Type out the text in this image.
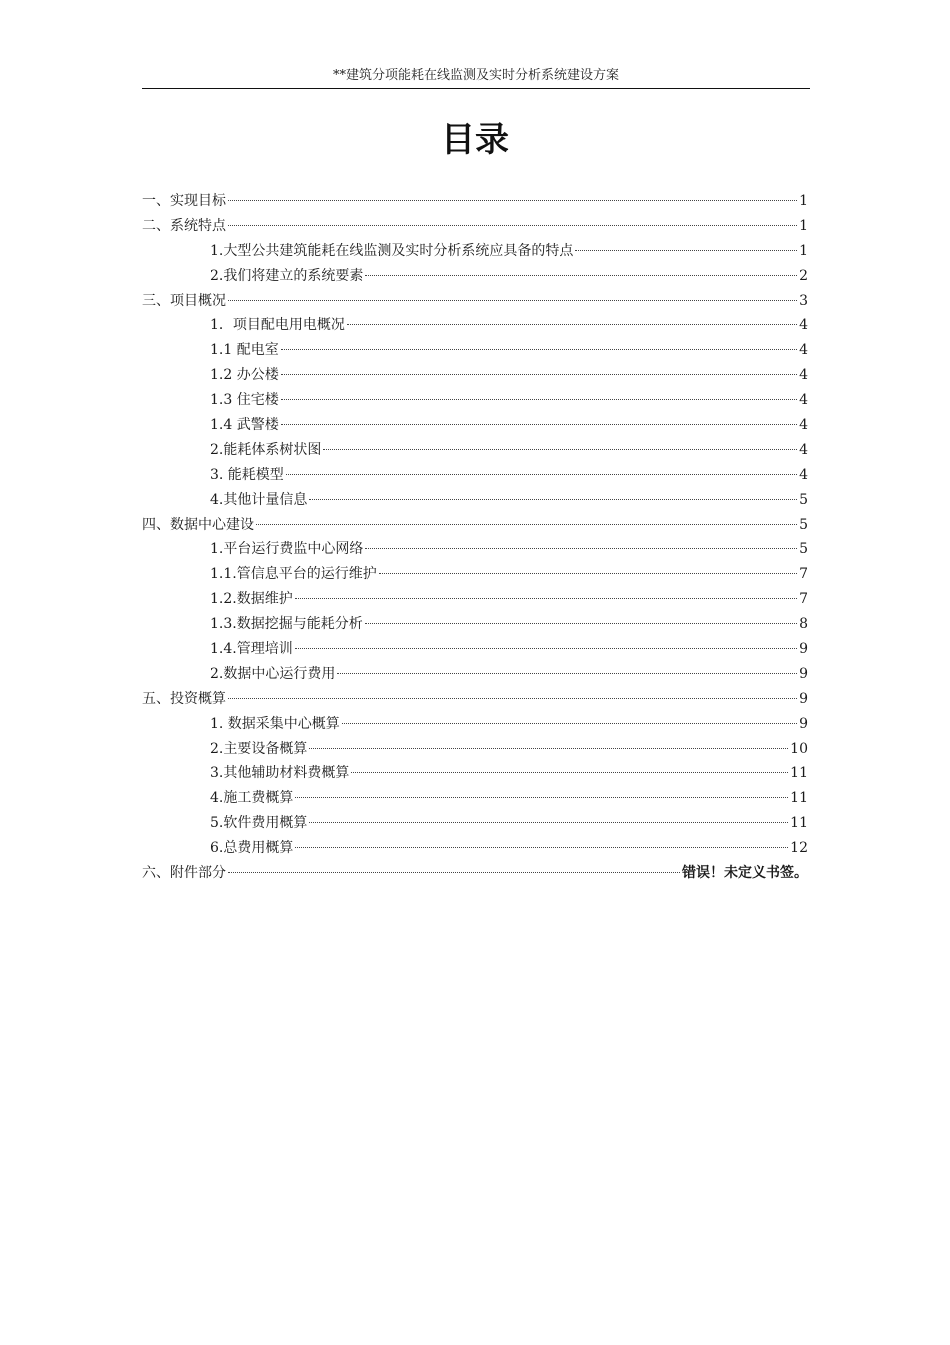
**建筑分项能耗在线监测及实时分析系统建设方案
目录
一、实现目标	1
二、系统特点	1
1.大型公共建筑能耗在线监测及实时分析系统应具备的特点	1
2.我们将建立的系统要素	2
三、项目概况	3
1．项目配电用电概况	4
1.1 配电室	4
1.2 办公楼	4
1.3 住宅楼	4
1.4 武警楼	4
2.能耗体系树状图	4
3. 能耗模型	4
4.其他计量信息	5
四、数据中心建设	5
1.平台运行费监中心网络	5
1.1.管信息平台的运行维护	7
1.2.数据维护	7
1.3.数据挖掘与能耗分析	8
1.4.管理培训	9
2.数据中心运行费用	9
五、投资概算	9
1. 数据采集中心概算	9
2.主要设备概算	10
3.其他辅助材料费概算	11
4.施工费概算	11
5.软件费用概算	11
6.总费用概算	12
六、附件部分	错误！未定义书签。
